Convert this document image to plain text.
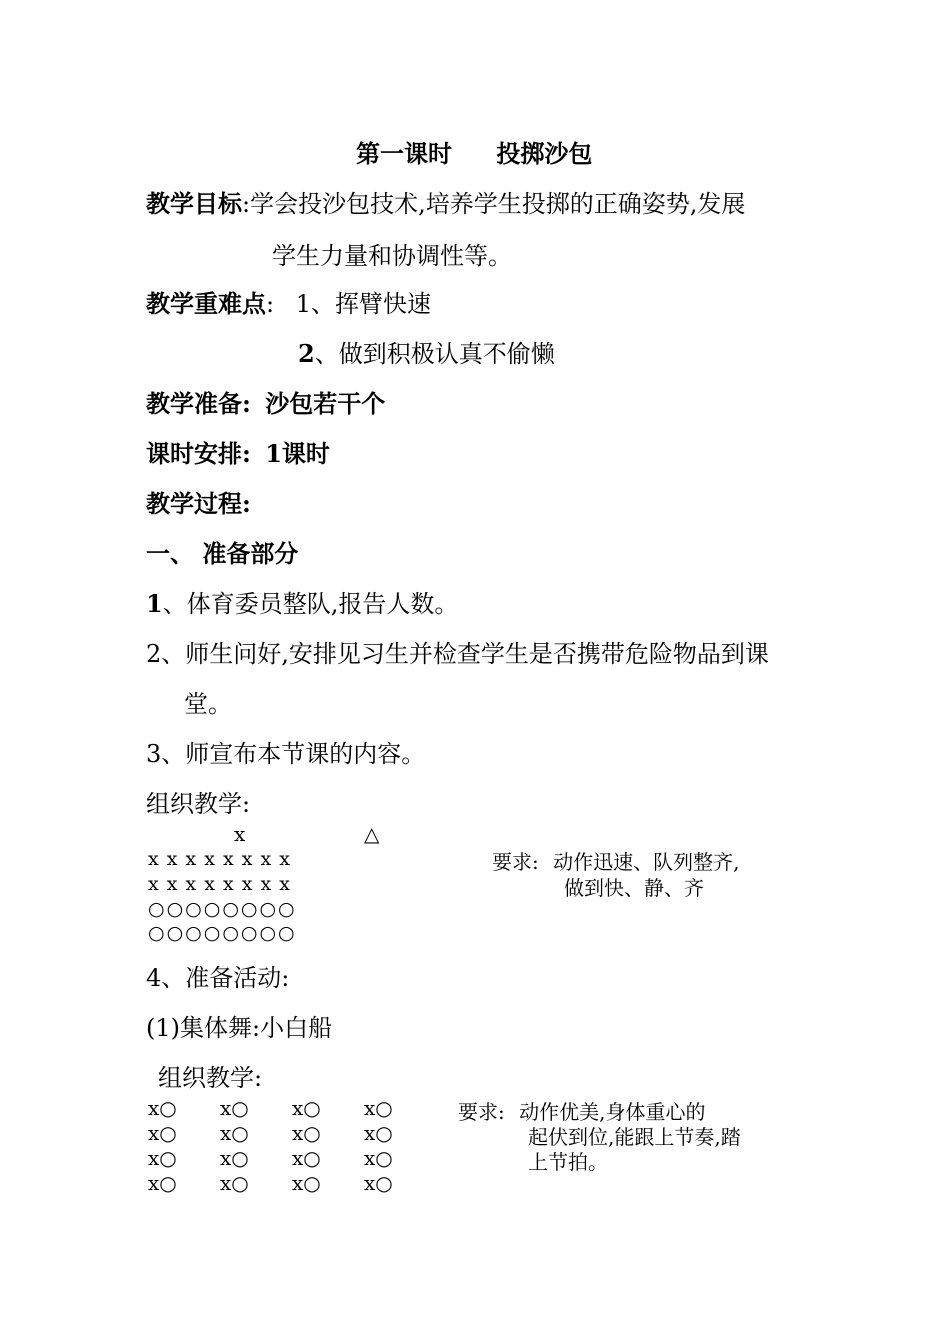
第一课时 投掷沙包
教学目标:学会投沙包技术,培养学生投掷的正确姿势,发展
学生力量和协调性等。
教学重难点: 1、挥臂快速
2、做到积极认真不偷懒
教学准备: 沙包若干个
课时安排: 1课时
教学过程:
一、 准备部分
1、体育委员整队,报告人数。
2、师生问好,安排见习生并检查学生是否携带危险物品到课
堂。
3、师宣布本节课的内容。
组织教学:
x	△
x x x x x x x x
x x x x x x x x
○○○○○○○○
○○○○○○○○
要求: 动作迅速、队列整齐,
做到快、静、齐
4、准备活动:
(1)集体舞:小白船
组织教学:
x○ x○ x○ x○
x○ x○ x○ x○
x○ x○ x○ x○
x○ x○ x○ x○
要求: 动作优美,身体重心的
起伏到位,能跟上节奏,踏
上节拍。
